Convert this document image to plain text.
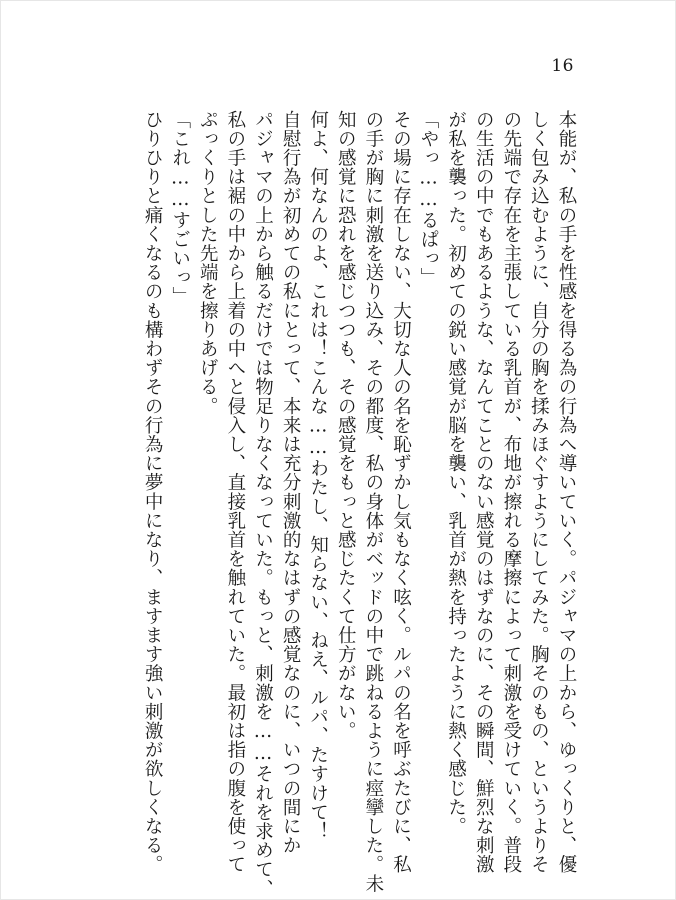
16
本能が、私の手を性感を得る為の行為へ導いていく。パジャマの上から、ゆっくりと、優
しく包み込むように、自分の胸を揉みほぐすようにしてみた。胸そのもの、というよりそ
の先端で存在を主張している乳首が、布地が擦れる摩擦によって刺激を受けていく。普段
の生活の中でもあるような、なんてことのない感覚のはずなのに、その瞬間、鮮烈な刺激
が私を襲った。初めての鋭い感覚が脳を襲い、乳首が熱を持ったように熱く感じた。
「やっ……るぱっ」
その場に存在しない、大切な人の名を恥ずかし気もなく呟く。ルパの名を呼ぶたびに、私
の手が胸に刺激を送り込み、その都度、私の身体がベッドの中で跳ねるように痙攣した。未
知の感覚に恐れを感じつつも、その感覚をもっと感じたくて仕方がない。
何よ、何なんのよ、これは！こんな……わたし、知らない、ねえ、ルパ、たすけて！
自慰行為が初めての私にとって、本来は充分刺激的なはずの感覚なのに、いつの間にか
パジャマの上から触るだけでは物足りなくなっていた。もっと、刺激を……それを求めて、
私の手は裾の中から上着の中へと侵入し、直接乳首を触れていた。最初は指の腹を使って
ぷっくりとした先端を擦りあげる。
「これ……すごいっ」
ひりひりと痛くなるのも構わずその行為に夢中になり、ますます強い刺激が欲しくなる。
